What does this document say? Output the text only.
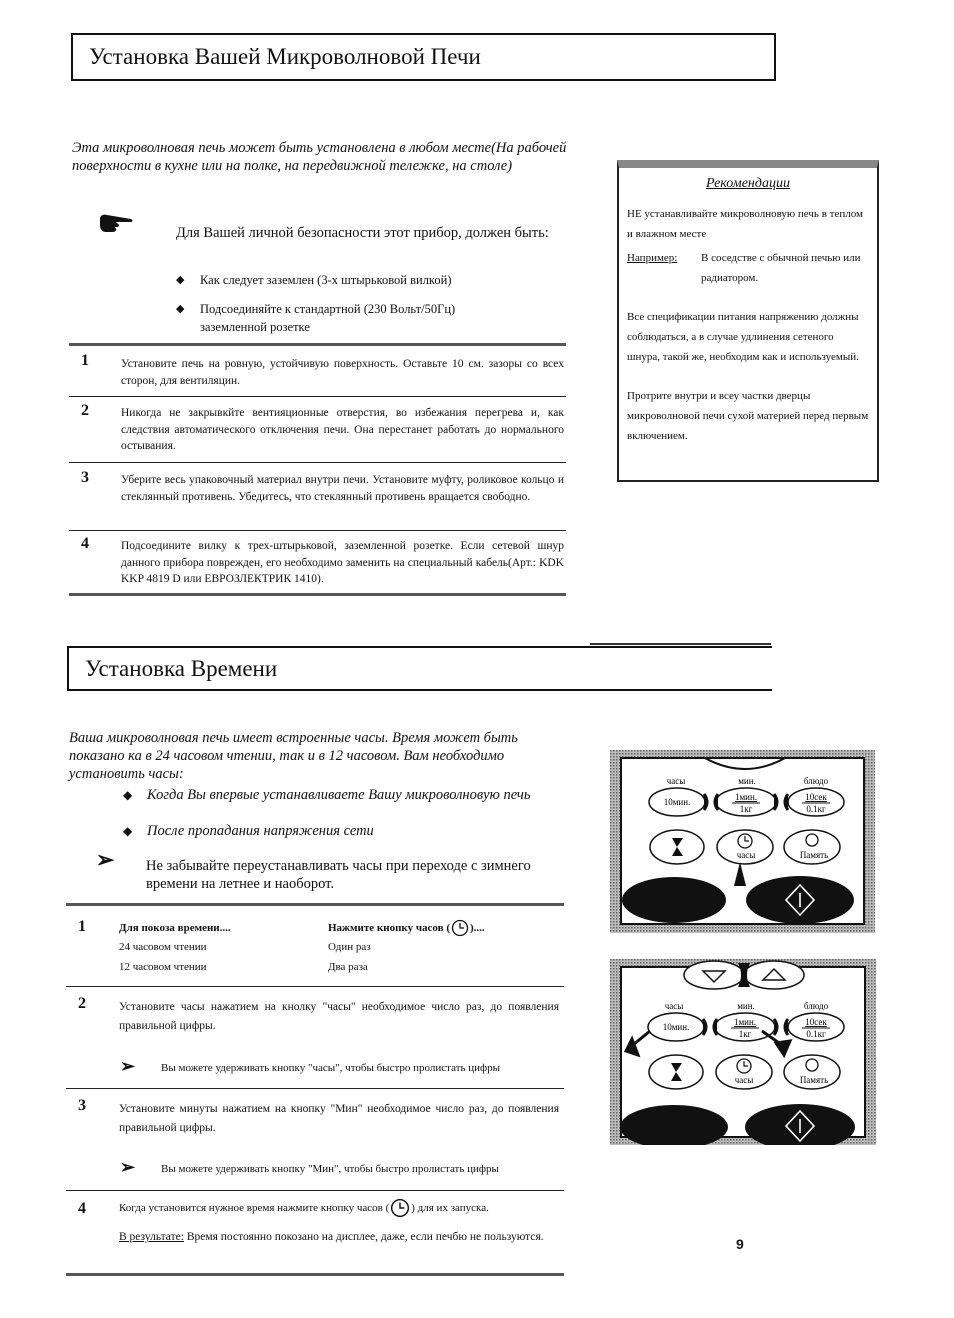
Установка Вашей Микроволновой Печи
Эта микроволновая печь может быть установлена в любом месте(На рабочей поверхности в кухне или на полке, на передвижной тележке, на столе)
Для Вашей личной безопасности этот прибор, должен быть:
◆ Как следует заземлен (3-х штырьковой вилкой)
◆ Подсоединяйте к стандартной (230 Вольт/50Гц) заземленной розетке
1	Установите печь на ровную, устойчивую поверхность. Оставьте 10 см. зазоры со всех сторон, для вентиляцин.
2	Никогда не закрывкйте вентияционные отверстия, во избежания перегрева и, как следствия автоматического отключения печи. Она перестанет работать до нормального остывания.
3	Уберите весь упаковочный материал внутри печи. Установите муфту, роликовое кольцо и стеклянный противень. Убедитесь, что стеклянный противень вращается свободно.
4	Подсоедините вилку к трех-штырьковой, заземленной розетке. Если сетевой шнур данного прибора поврежден, его необходимо заменить на специальный кабель(Арт.: KDK KKP 4819 D или ЕВРОЗЛЕКТРИК 1410).
Рекомендации
НЕ устанавливайте микроволновую печь в теплом и влажном месте
Например:	В соседстве с обычной печью или радиатором.
Все спецификации питания напряжению должны соблюдаться, а в случае удлинения сетеного шнура, такой же, необходим как и используемый.
Протрите внутри и всеу частки дверцы микроволновой печи сухой материей перед первым включением.
Установка Времени
Ваша микроволновая печь имеет встроенные часы. Время может быть показано ка в 24 часовом чтении, так и в 12 часовом. Вам необходимо установить часы:
◆ Когда Вы впервые устанавливаете Вашу микроволновую печь
◆ После пропадания напряжения сети
➢ Не забывайте переустанавливать часы при переходе с зимнего времени на летнее и наоборот.
1	Для покоза времени....	Нажмите кнопку часов ( )....
24 часовом чтении	Один раз
12 часовом чтении	Два раза
2	Установите часы нажатием на кнолку "часы" необходимое число раз, до появления правильной цифры.
➢ Вы можете удерживать кнопку "часы", чтобы быстро пролистать цифры
3	Установите минуты нажатием на кнопку "Мин" необходимое число раз, до появления правильной цифры.
➢ Вы можете удерживать кнопку "Мин", чтобы быстро пролистать цифры
4	Когда установится нужное время нажмите кнопку часов ( ) для их запуска.
В результате: Время постоянно покозано на дисплее, даже, если печбю не пользуются.
часы	мин.	блюдо
10мин.	1мин.
1кг
10сек
0.1кг
часы	Память
часы	мин.	блюдо
10мин.	1мин.
1кг
10сек
0.1кг
часы	Память
9
